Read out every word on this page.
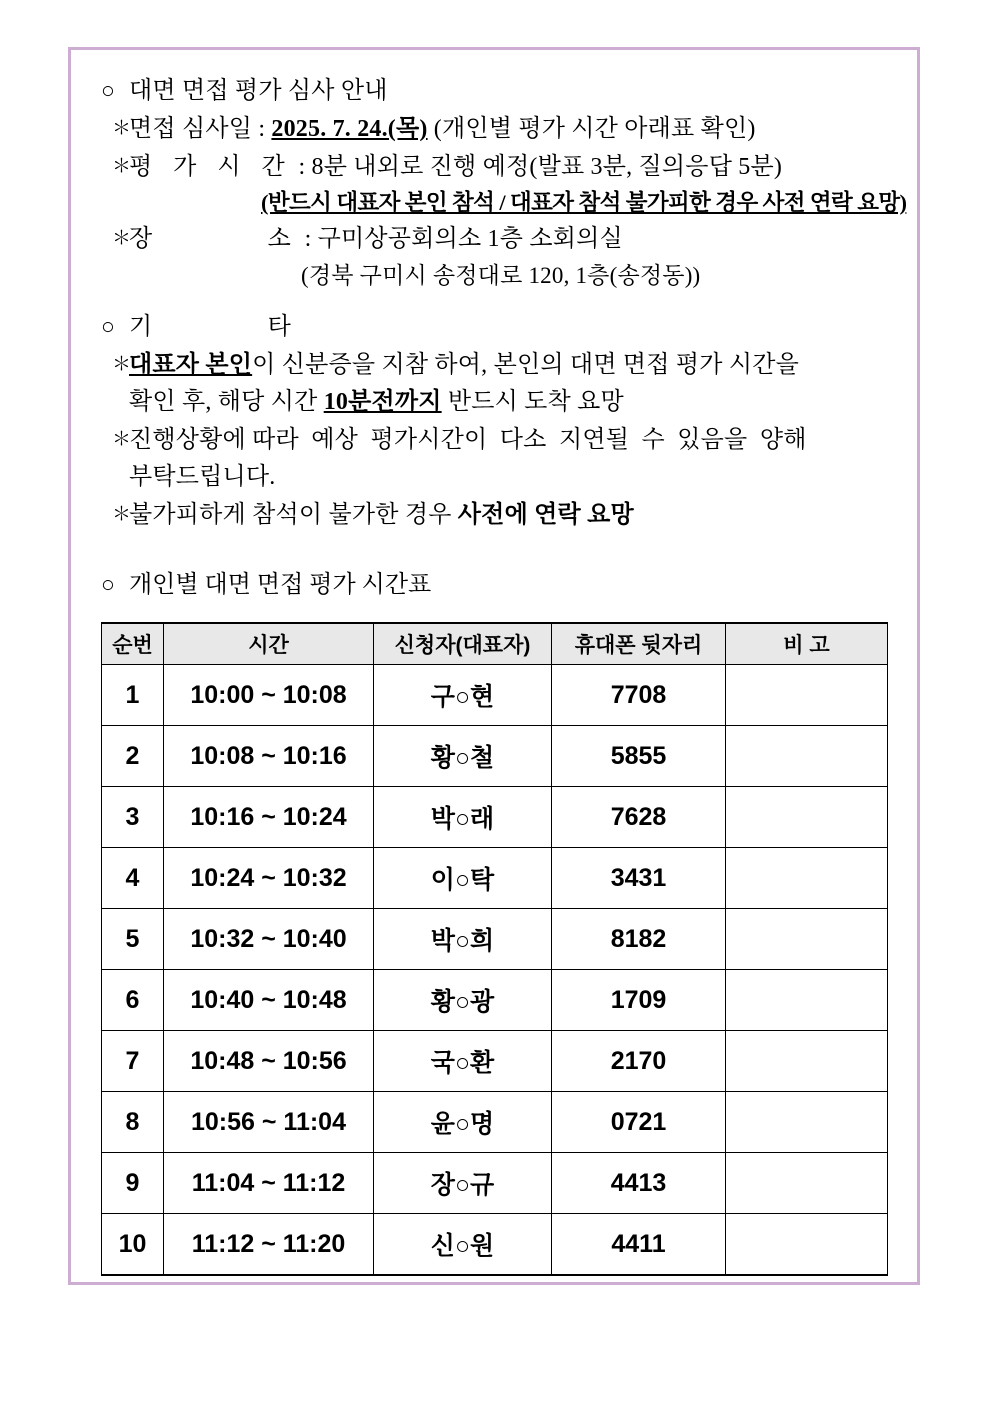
○ 대면 면접 평가 심사 안내
＊면접 심사일 : 2025. 7. 24.(목) (개인별 평가 시간 아래표 확인)
＊평 가 시 간 : 8분 내외로 진행 예정(발표 3분, 질의응답 5분)
(반드시 대표자 본인 참석 / 대표자 참석 불가피한 경우 사전 연락 요망)
＊장        소 : 구미상공회의소 1층 소회의실
(경북 구미시 송정대로 120, 1층(송정동))
○ 기        타
＊대표자 본인이 신분증을 지참 하여, 본인의 대면 면접 평가 시간을
확인 후, 해당 시간 10분전까지 반드시 도착 요망
＊진행상황에 따라  예상  평가시간이  다소  지연될  수  있음을  양해
부탁드립니다.
＊불가피하게 참석이 불가한 경우 사전에 연락 요망
○ 개인별 대면 면접 평가 시간표
순번	시간	신청자(대표자)	휴대폰 뒷자리	비 고
1	10:00 ~ 10:08	구○현	7708	
2	10:08 ~ 10:16	황○철	5855	
3	10:16 ~ 10:24	박○래	7628	
4	10:24 ~ 10:32	이○탁	3431	
5	10:32 ~ 10:40	박○희	8182	
6	10:40 ~ 10:48	황○광	1709	
7	10:48 ~ 10:56	국○환	2170	
8	10:56 ~ 11:04	윤○명	0721	
9	11:04 ~ 11:12	장○규	4413	
10	11:12 ~ 11:20	신○원	4411	
